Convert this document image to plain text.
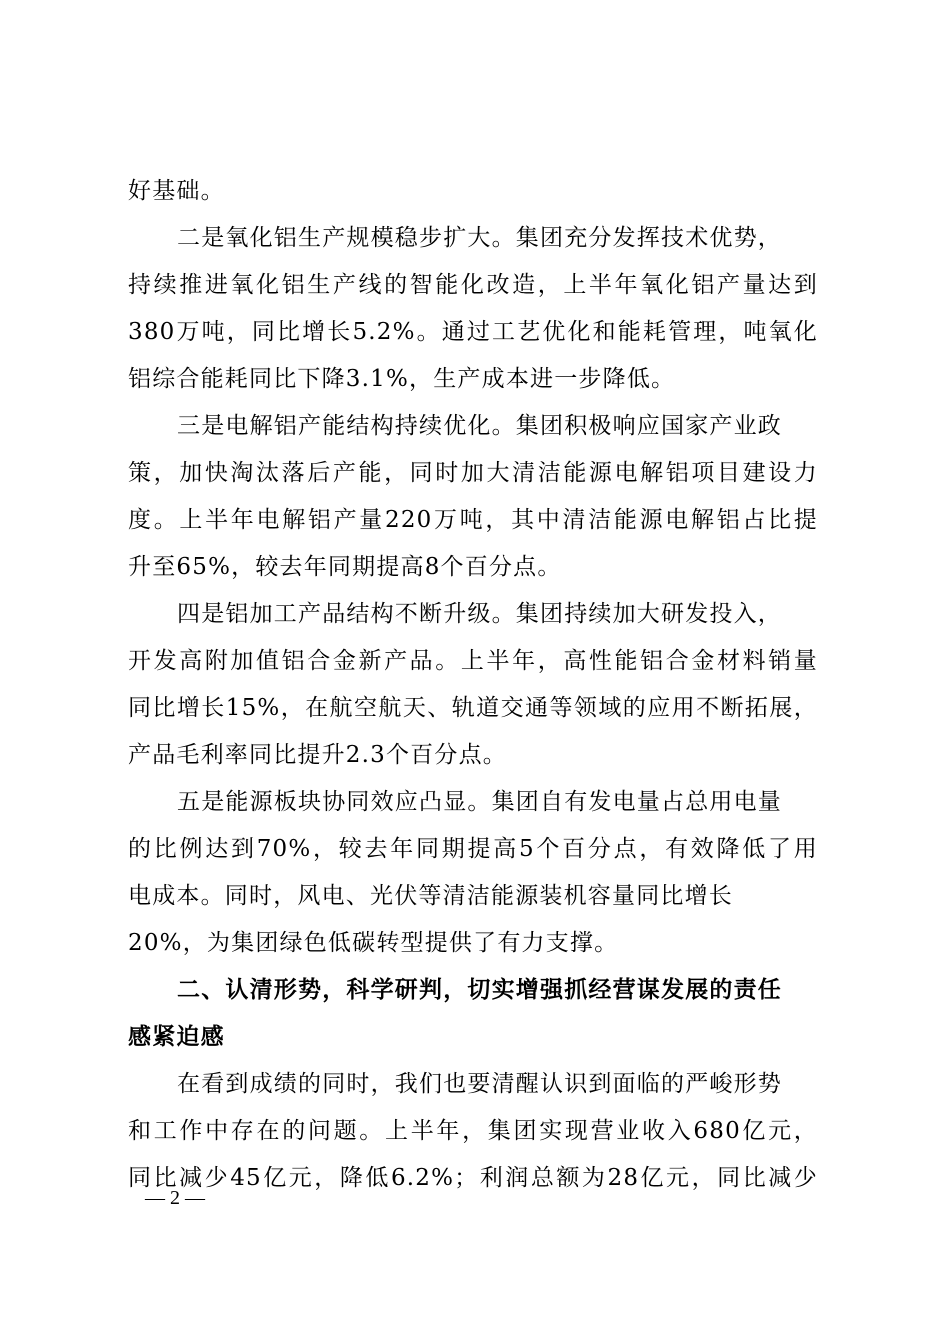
好基础。
二是氧化铝生产规模稳步扩大。集团充分发挥技术优势，
持续推进氧化铝生产线的智能化改造，上半年氧化铝产量达到
380万吨，同比增长5.2%。通过工艺优化和能耗管理，吨氧化
铝综合能耗同比下降3.1%，生产成本进一步降低。
三是电解铝产能结构持续优化。集团积极响应国家产业政
策，加快淘汰落后产能，同时加大清洁能源电解铝项目建设力
度。上半年电解铝产量220万吨，其中清洁能源电解铝占比提
升至65%，较去年同期提高8个百分点。
四是铝加工产品结构不断升级。集团持续加大研发投入，
开发高附加值铝合金新产品。上半年，高性能铝合金材料销量
同比增长15%，在航空航天、轨道交通等领域的应用不断拓展，
产品毛利率同比提升2.3个百分点。
五是能源板块协同效应凸显。集团自有发电量占总用电量
的比例达到70%，较去年同期提高5个百分点，有效降低了用
电成本。同时，风电、光伏等清洁能源装机容量同比增长
20%，为集团绿色低碳转型提供了有力支撑。
二、认清形势，科学研判，切实增强抓经营谋发展的责任
感紧迫感
在看到成绩的同时，我们也要清醒认识到面临的严峻形势
和工作中存在的问题。上半年，集团实现营业收入680亿元，
同比减少45亿元，降低6.2%；利润总额为28亿元，同比减少
— 2 —
